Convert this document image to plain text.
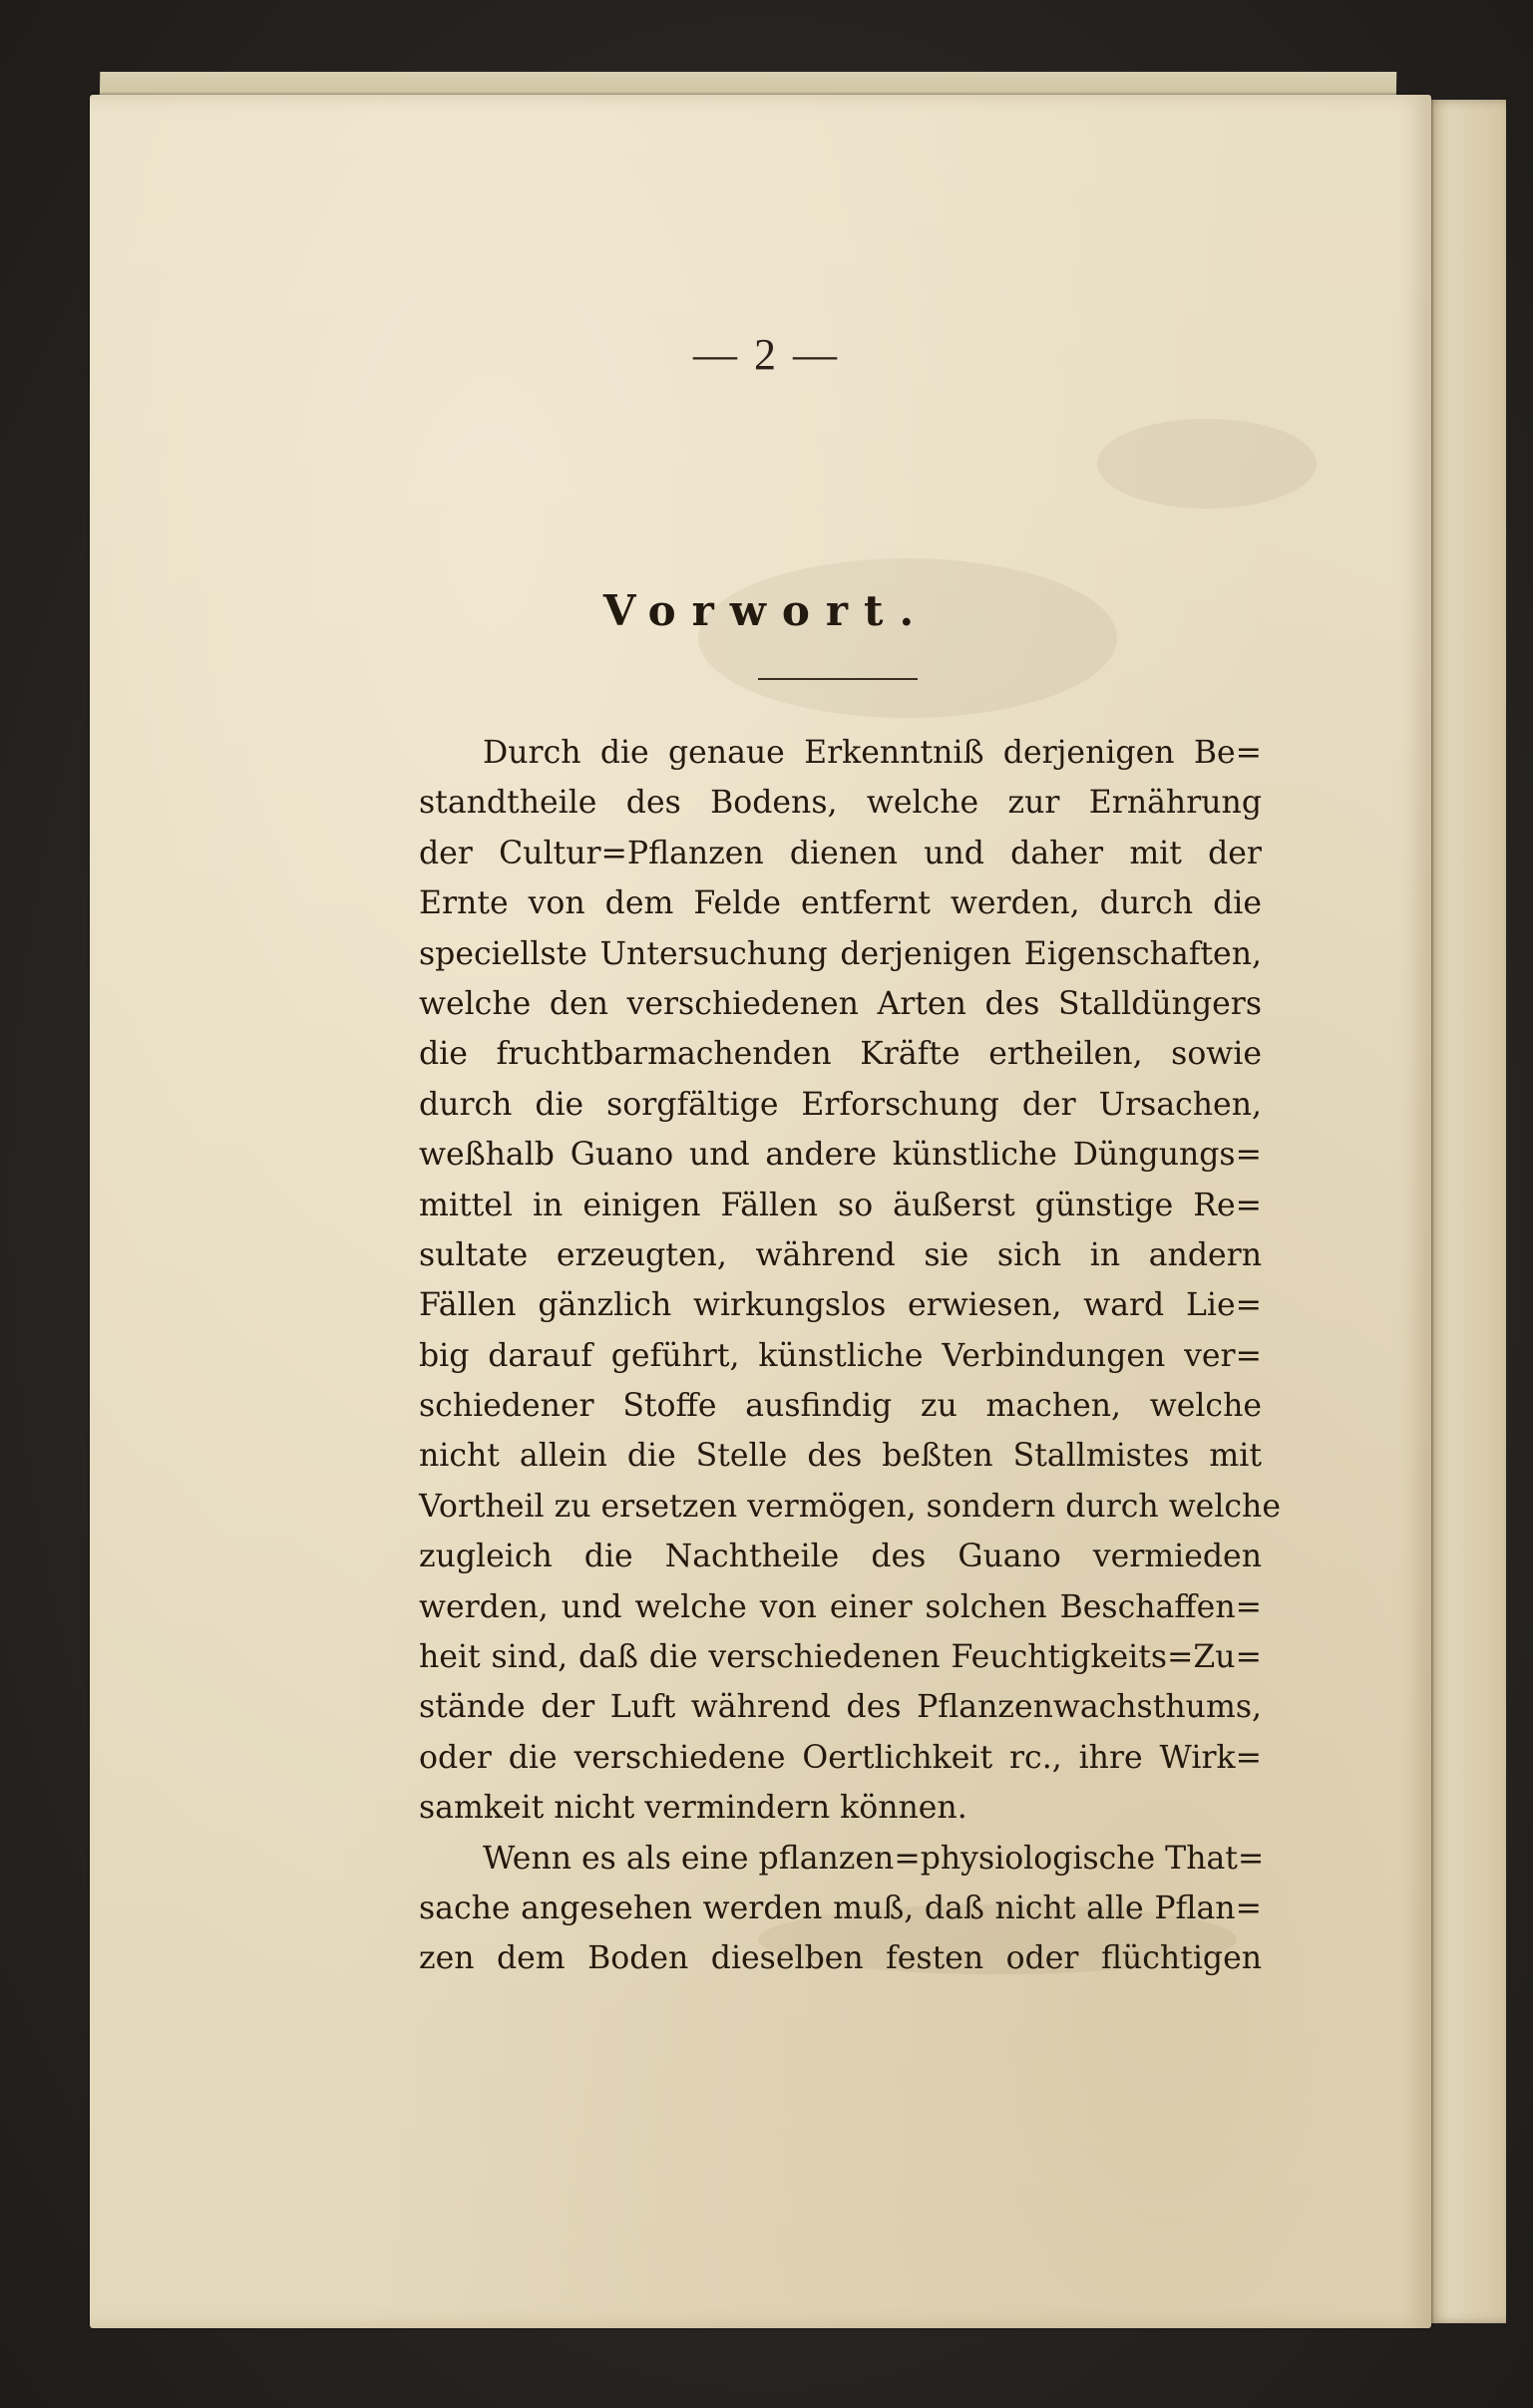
— 2 —
Vorwort.
Durch die genaue Erkenntniß derjenigen Be=
standtheile des Bodens, welche zur Ernährung
der Cultur=Pflanzen dienen und daher mit der
Ernte von dem Felde entfernt werden, durch die
speciellste Untersuchung derjenigen Eigenschaften,
welche den verschiedenen Arten des Stalldüngers
die fruchtbarmachenden Kräfte ertheilen, sowie
durch die sorgfältige Erforschung der Ursachen,
weßhalb Guano und andere künstliche Düngungs=
mittel in einigen Fällen so äußerst günstige Re=
sultate erzeugten, während sie sich in andern
Fällen gänzlich wirkungslos erwiesen, ward Lie=
big darauf geführt, künstliche Verbindungen ver=
schiedener Stoffe ausfindig zu machen, welche
nicht allein die Stelle des beßten Stallmistes mit
Vortheil zu ersetzen vermögen, sondern durch welche
zugleich die Nachtheile des Guano vermieden
werden, und welche von einer solchen Beschaffen=
heit sind, daß die verschiedenen Feuchtigkeits=Zu=
stände der Luft während des Pflanzenwachsthums,
oder die verschiedene Oertlichkeit rc., ihre Wirk=
samkeit nicht vermindern können.
Wenn es als eine pflanzen=physiologische That=
sache angesehen werden muß, daß nicht alle Pflan=
zen dem Boden dieselben festen oder flüchtigen
